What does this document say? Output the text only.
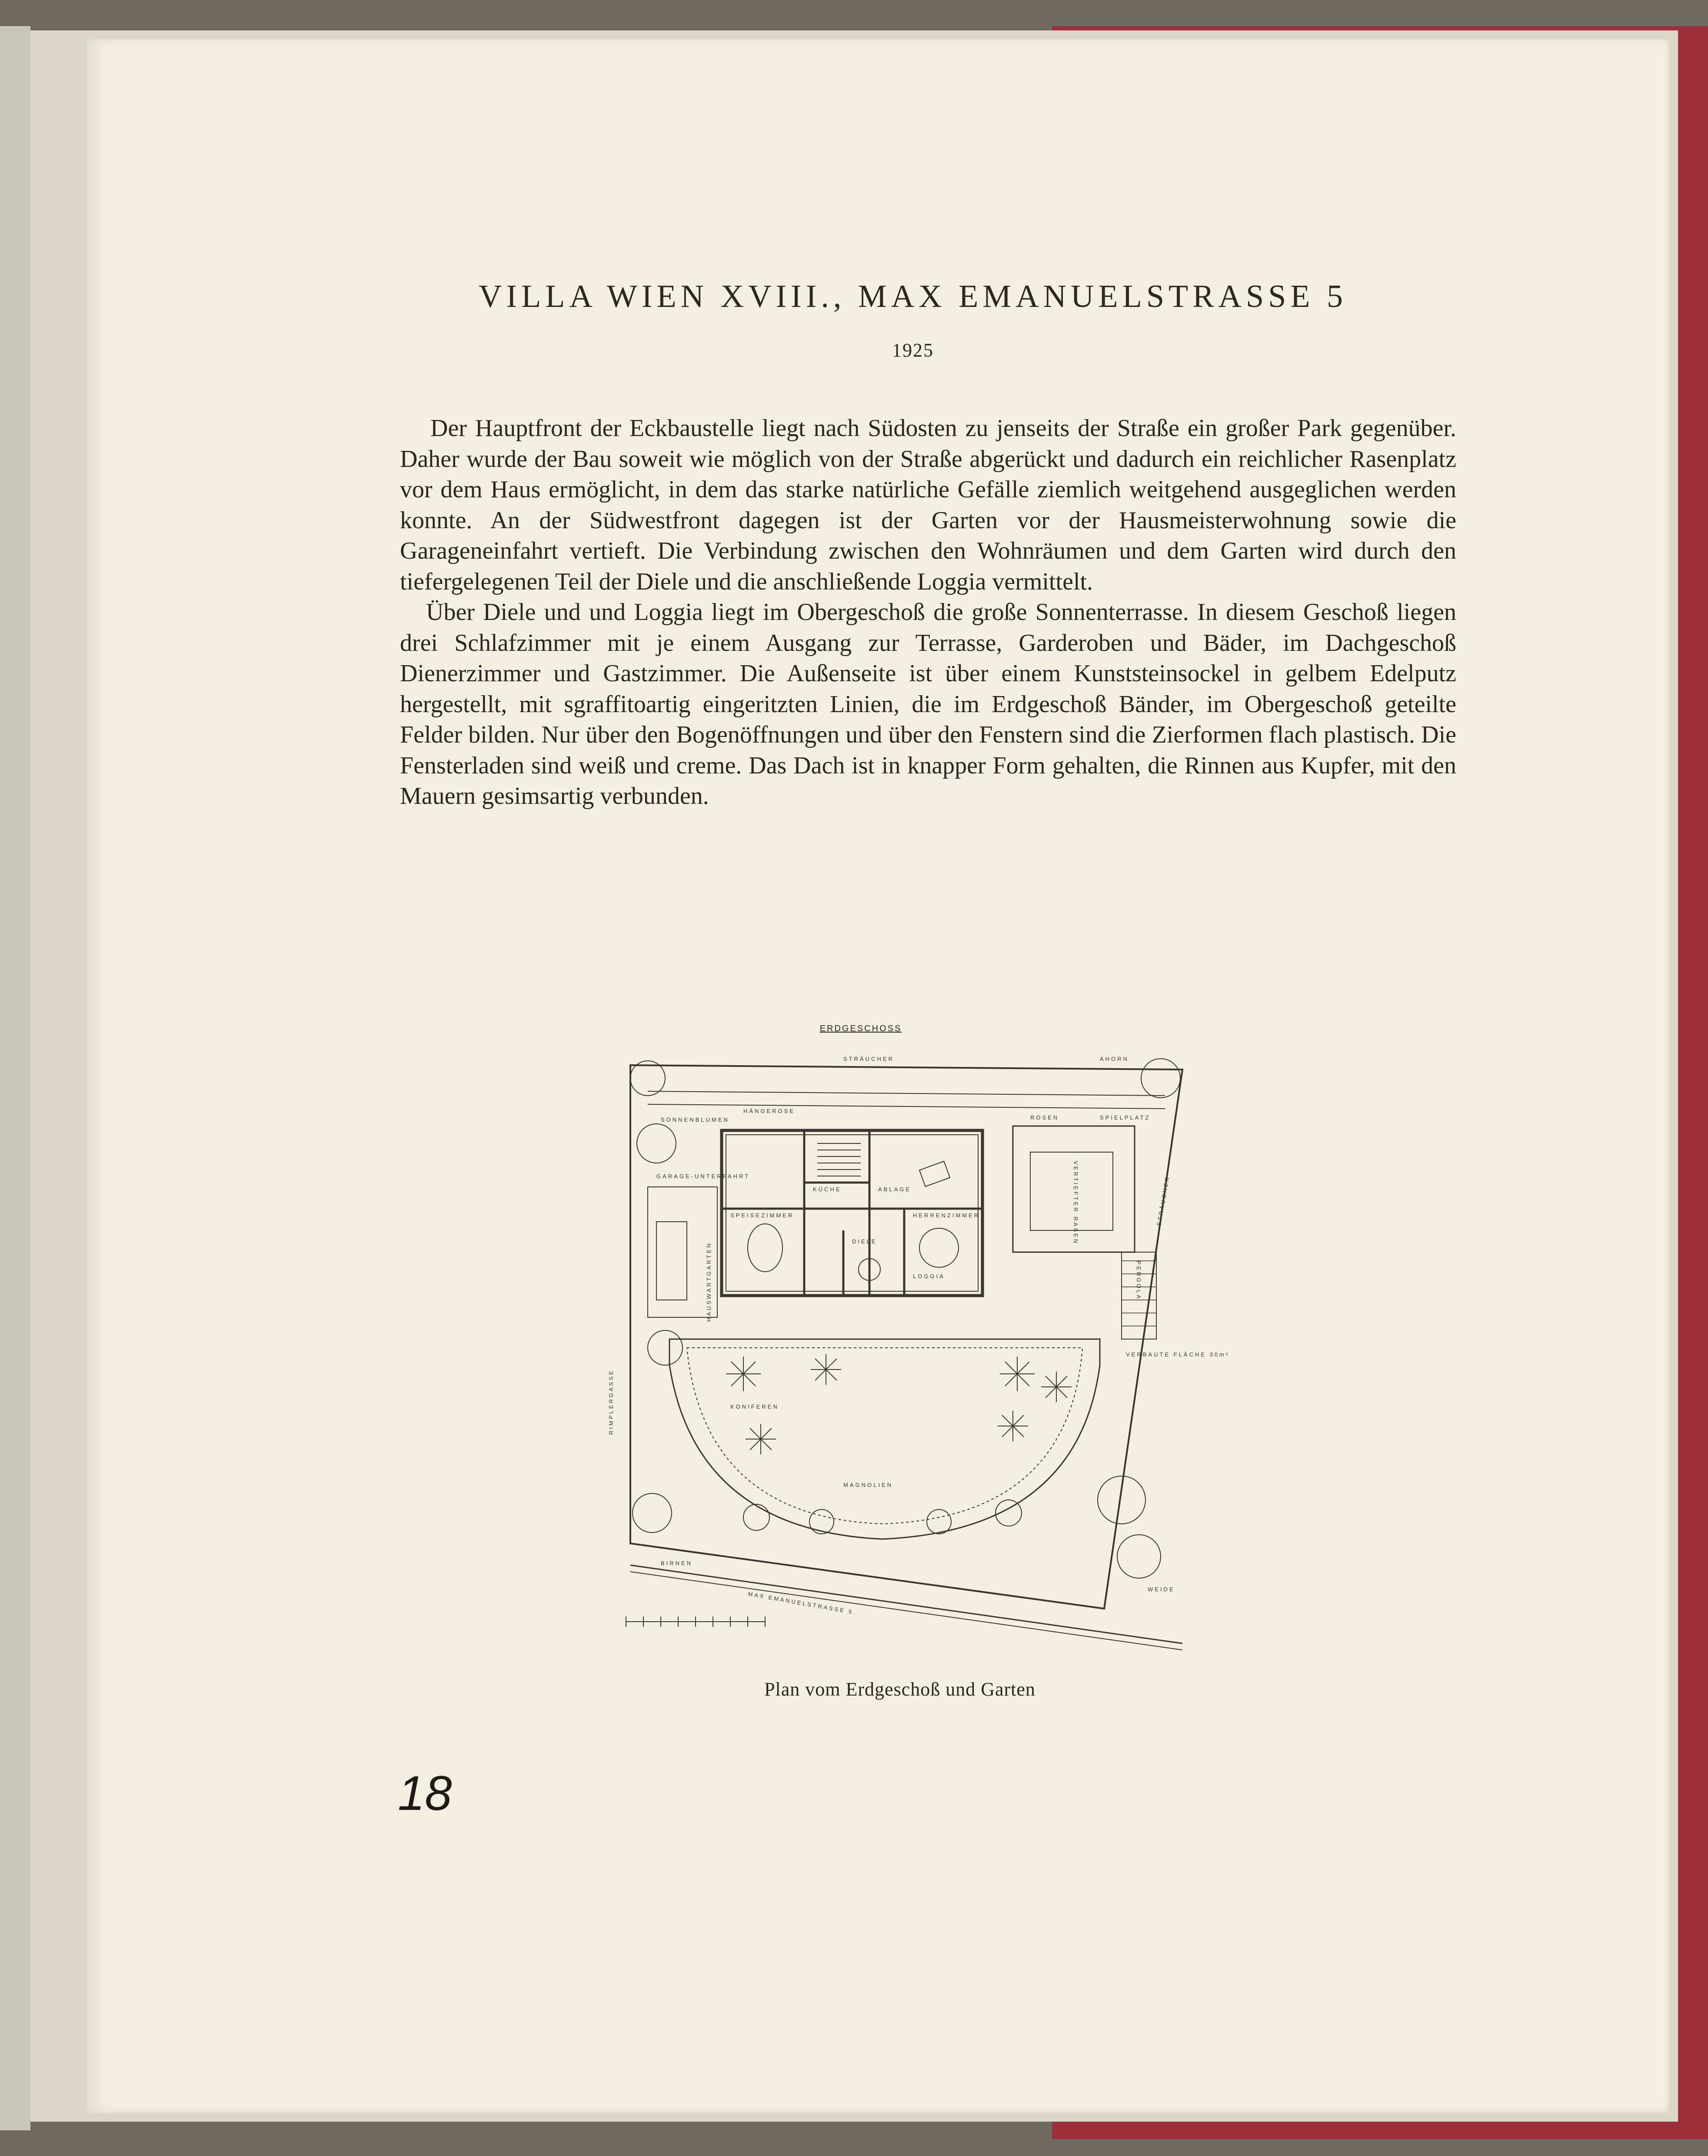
VILLA WIEN XVIII., MAX EMANUELSTRASSE 5
1925

Der Hauptfront der Eckbaustelle liegt nach Südosten zu jenseits der Straße ein großer Park gegenüber. Daher wurde der Bau soweit wie möglich von der Straße abgerückt und dadurch ein reichlicher Rasenplatz vor dem Haus ermöglicht, in dem das starke natürliche Gefälle ziemlich weitgehend ausgeglichen werden konnte. An der Südwestfront dagegen ist der Garten vor der Hausmeisterwohnung sowie die Garageneinfahrt vertieft. Die Verbindung zwischen den Wohnräumen und dem Garten wird durch den tiefergelegenen Teil der Diele und die anschließende Loggia vermittelt.

Über Diele und und Loggia liegt im Obergeschoß die große Sonnenterrasse. In diesem Geschoß liegen drei Schlafzimmer mit je einem Ausgang zur Terrasse, Garderoben und Bäder, im Dachgeschoß Dienerzimmer und Gastzimmer. Die Außenseite ist über einem Kunststeinsockel in gelbem Edelputz hergestellt, mit sgraffitoartig eingeritzten Linien, die im Erdgeschoß Bänder, im Obergeschoß geteilte Felder bilden. Nur über den Bogenöffnungen und über den Fenstern sind die Zierformen flach plastisch. Die Fensterladen sind weiß und creme. Das Dach ist in knapper Form gehalten, die Rinnen aus Kupfer, mit den Mauern gesimsartig verbunden.

ERDGESCHOSS
STRÄUCHER	AHORN
SONNENBLUMEN
HÄNGEROSE
ROSEN	SPIELPLATZ
GARAGE-UNTERFAHRT
KÜCHE	ABLAGE
HERRENZIMMER
SPEISEZIMMER
DIELE
LOGGIA
HAUSWARTGARTEN
VERTIEFTER RASEN
PERGOLA
STRÄUCHER
VERBAUTE FLÄCHE 30m²
KONIFEREN
MAGNOLIEN
BIRNEN
WEIDE
RIMPLERGASSE
MAX EMANUELSTRASSE 5.
Plan vom Erdgeschoß und Garten
18
